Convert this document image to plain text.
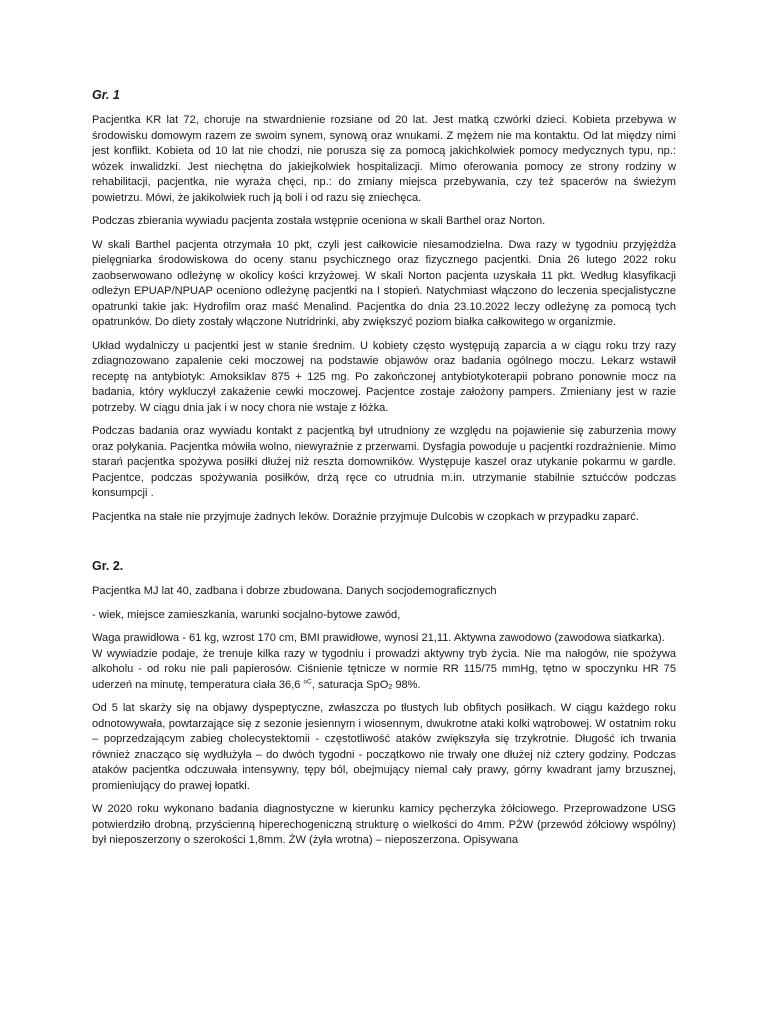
Gr. 1

Pacjentka KR lat 72, choruje na stwardnienie rozsiane od 20 lat. Jest matką czwórki dzieci. Kobieta przebywa w środowisku domowym razem ze swoim synem, synową oraz wnukami. Z mężem nie ma kontaktu. Od lat między nimi jest konflikt. Kobieta od 10 lat nie chodzi, nie porusza się za pomocą jakichkolwiek pomocy medycznych typu, np.: wózek inwalidzki. Jest niechętna do jakiejkolwiek hospitalizacji. Mimo oferowania pomocy ze strony rodziny w rehabilitacji, pacjentka, nie wyraża chęci, np.: do zmiany miejsca przebywania, czy też spacerów na świeżym powietrzu. Mówi, że jakikolwiek ruch ją boli i od razu się zniechęca.

Podczas zbierania wywiadu pacjenta została wstępnie oceniona w skali Barthel oraz Norton.

W skali Barthel pacjenta otrzymała 10 pkt, czyli jest całkowicie niesamodzielna. Dwa razy w tygodniu przyjężdża pielęgniarka środowiskowa do oceny stanu psychicznego oraz fizycznego pacjentki. Dnia 26 lutego 2022 roku zaobserwowano odleżynę w okolicy kości krzyżowej. W skali Norton pacjenta uzyskała 11 pkt. Według klasyfikacji odleżyn EPUAP/NPUAP oceniono odleżynę pacjentki na I stopień. Natychmiast włączono do leczenia specjalistyczne opatrunki takie jak: Hydrofilm oraz maść Menalind. Pacjentka do dnia 23.10.2022 leczy odleżynę za pomocą tych opatrunków. Do diety zostały włączone Nutridrinki, aby zwiększyć poziom białka całkowitego w organizmie.

Układ wydalniczy u pacjentki jest w stanie średnim. U kobiety często występują zaparcia a w ciągu roku trzy razy zdiagnozowano zapalenie ceki moczowej na podstawie objawów oraz badania ogólnego moczu. Lekarz wstawił receptę na antybiotyk: Amoksiklav 875 + 125 mg. Po zakończonej antybiotykoterapii pobrano ponownie mocz na badania, który wykluczył zakażenie cewki moczowej. Pacjentce zostaje założony pampers. Zmieniany jest w razie potrzeby. W ciągu dnia jak i w nocy chora nie wstaje z łóżka.

Podczas badania oraz wywiadu kontakt z pacjentką był utrudniony ze względu na pojawienie się zaburzenia mowy oraz połykania. Pacjentka mówiła wolno, niewyraźnie z przerwami. Dysfagia powoduje u pacjentki rozdrażnienie. Mimo starań pacjentka spożywa posiłki dłużej niż reszta domowników. Występuje kaszel oraz utykanie pokarmu w gardle. Pacjentce, podczas spożywania posiłków, drżą ręce co utrudnia m.in. utrzymanie stabilnie sztućców podczas konsumpcji .

Pacjentka na stałe nie przyjmuje żadnych leków. Doraźnie przyjmuje Dulcobis w czopkach w przypadku zaparć.

Gr. 2.

Pacjentka MJ lat 40, zadbana i dobrze zbudowana. Danych socjodemograficznych

- wiek, miejsce zamieszkania, warunki socjalno-bytowe zawód,

Waga prawidłowa - 61 kg, wzrost 170 cm, BMI prawidłowe, wynosi 21,11. Aktywna zawodowo (zawodowa siatkarka).

W wywiadzie podaje, że trenuje kilka razy w tygodniu i prowadzi aktywny tryb życia. Nie ma nałogów, nie spożywa alkoholu - od roku nie pali papierosów. Ciśnienie tętnicze w normie RR 115/75 mmHg, tętno w spoczynku HR 75 uderzeń na minutę, temperatura ciała 36,6 $^{oC}$, saturacja SpO$_2$ 98%.

Od 5 lat skarży się na objawy dyspeptyczne, zwłaszcza po tłustych lub obfitych posiłkach. W ciągu każdego roku odnotowywała, powtarzające się z sezonie jesiennym i wiosennym, dwukrotne ataki kolki wątrobowej. W ostatnim roku – poprzedzającym zabieg cholecystektomii - częstotliwość ataków zwiększyła się trzykrotnie. Długość ich trwania również znacząco się wydłużyła – do dwóch tygodni - początkowo nie trwały one dłużej niż cztery godziny. Podczas ataków pacjentka odczuwała intensywny, tępy ból, obejmujący niemal cały prawy, górny kwadrant jamy brzusznej, promieniujący do prawej łopatki.

W 2020 roku wykonano badania diagnostyczne w kierunku kamicy pęcherzyka żółciowego. Przeprowadzone USG potwierdziło drobną, przyścienną hiperechogeniczną strukturę o wielkości do 4mm. PŻW (przewód żółciowy wspólny) był nieposzerzony o szerokości 1,8mm. ŻW (żyła wrotna) – nieposzerzona. Opisywana
